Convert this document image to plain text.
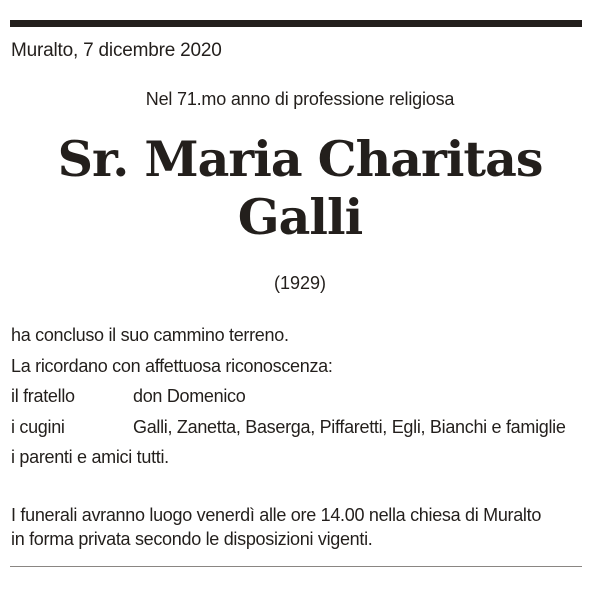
Muralto, 7 dicembre 2020
Nel 71.mo anno di professione religiosa
Sr. Maria Charitas
Galli
(1929)
ha concluso il suo cammino terreno.
La ricordano con affettuosa riconoscenza:
il fratello	don Domenico
i cugini	Galli, Zanetta, Baserga, Piffaretti, Egli, Bianchi e famiglie
i parenti e amici tutti.
I funerali avranno luogo venerdì alle ore 14.00 nella chiesa di Muralto
in forma privata secondo le disposizioni vigenti.
